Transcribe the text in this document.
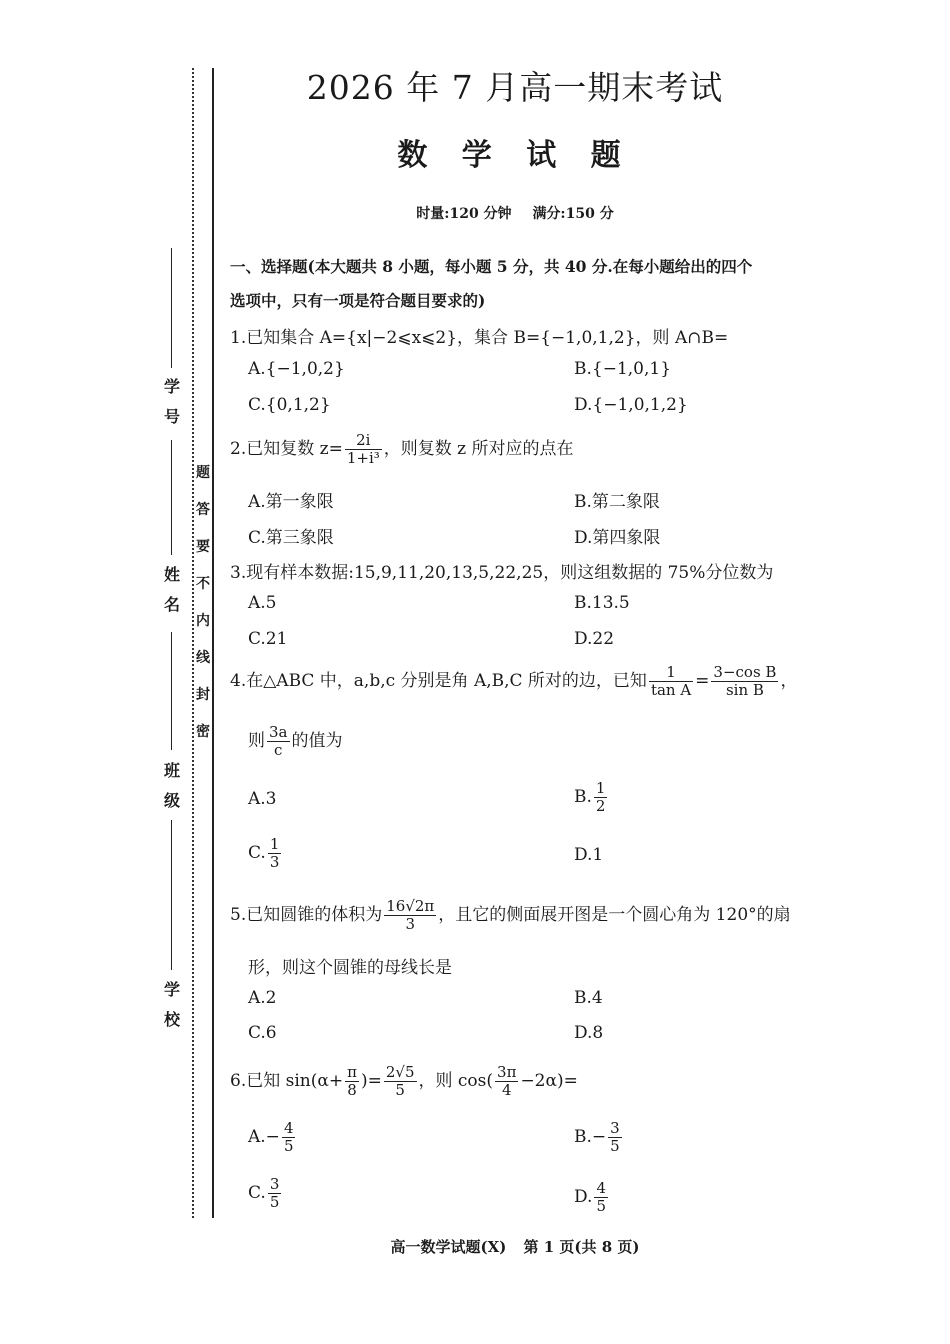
学 号
姓 名
班 级
学 校
题
答
要
不
内
线
封
密
2026 年 7 月高一期末考试
数 学 试 题
时量:120 分钟 满分:150 分
一、选择题(本大题共 8 小题，每小题 5 分，共 40 分.在每小题给出的四个
选项中，只有一项是符合题目要求的)
1.已知集合 A={x|−2⩽x⩽2}，集合 B={−1,0,1,2}，则 A∩B=
A.{−1,0,2}	B.{−1,0,1}
C.{0,1,2}	D.{−1,0,1,2}
2.已知复数 $z= \frac{2i}{\text{1+i³}}$ ，则复数 z 所对应的点在
A.第一象限	B.第二象限
C.第三象限	D.第四象限
3.现有样本数据:15,9,11,20,13,5,22,25，则这组数据的 75%分位数为
A.5	B.13.5
C.21	D.22
4.在△ABC 中，a,b,c 分别是角 A,B,C 所对的边，已知 $\frac{1}{\text{tan A}} = \frac{\text{3−cos B}}{\text{sin B}}$ ，
则 $\frac{3a}{c}$ 的值为
A.3	B. $\frac{1}{2}$
C. $\frac{1}{3}$	D.1
5.已知圆锥的体积为 $\frac{16√2\pi}{3}$ ，且它的侧面展开图是一个圆心角为 120°的扇
形，则这个圆锥的母线长是
A.2	B.4
C.6	D.8
6.已知 $\sin(\alpha+ \frac{\pi}{8}$ )= $\frac{2√5}{5}$ ，则 $\cos( \frac{3\pi}{4} -2\alpha)=$
$A.- \frac{4}{5}$	$B.- \frac{3}{5}$
C. $\frac{3}{5}$	D. $\frac{4}{5}$
高一数学试题(X) 第 1 页(共 8 页)
